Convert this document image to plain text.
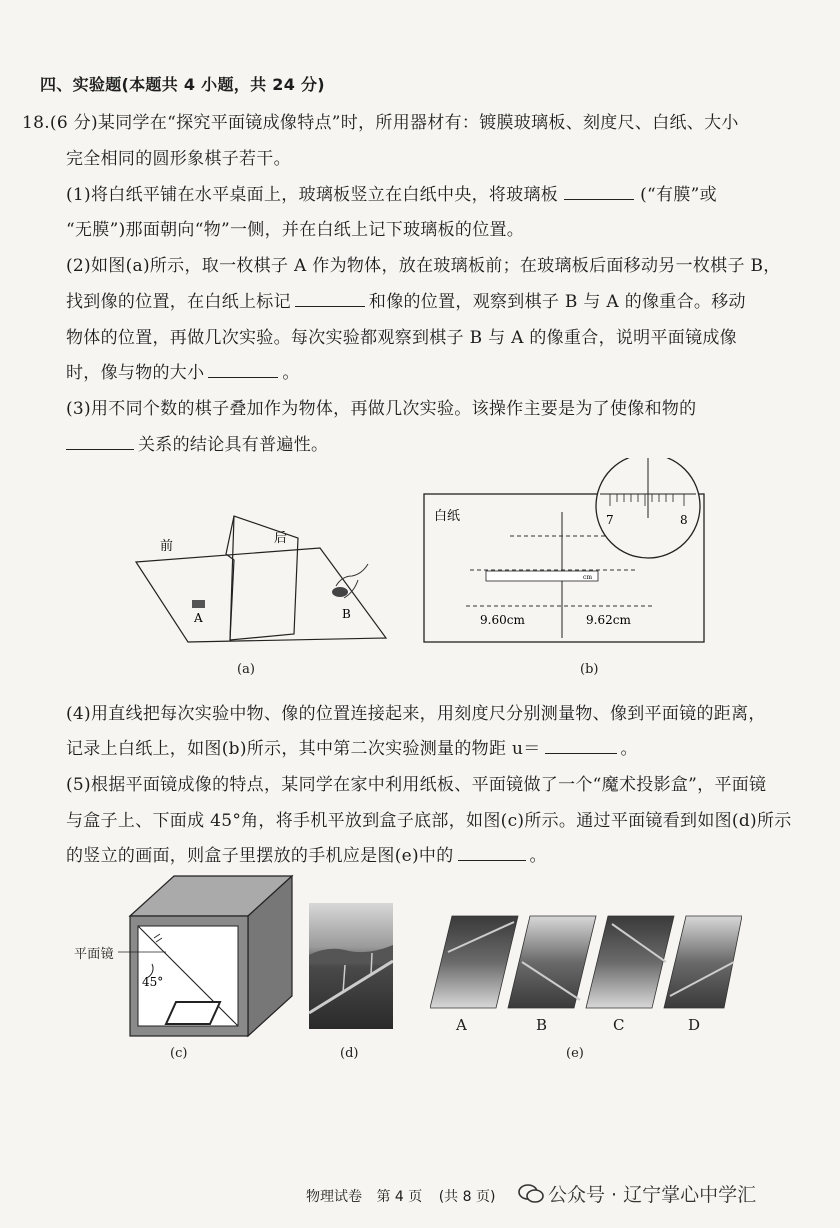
四、实验题(本题共 4 小题，共 24 分)
18.(6 分)某同学在“探究平面镜成像特点”时，所用器材有：镀膜玻璃板、刻度尺、白纸、大小
完全相同的圆形象棋子若干。
(1)将白纸平铺在水平桌面上，玻璃板竖立在白纸中央，将玻璃板	(“有膜”或
“无膜”)那面朝向“物”一侧，并在白纸上记下玻璃板的位置。
(2)如图(a)所示，取一枚棋子 A 作为物体，放在玻璃板前；在玻璃板后面移动另一枚棋子 B，
找到像的位置，在白纸上标记	和像的位置，观察到棋子 B 与 A 的像重合。移动
物体的位置，再做几次实验。每次实验都观察到棋子 B 与 A 的像重合，说明平面镜成像
时，像与物的大小	。
(3)用不同个数的棋子叠加作为物体，再做几次实验。该操作主要是为了使像和物的
关系的结论具有普遍性。
前
后
A	B
(a)
白纸
cm
9.60cm	9.62cm
7	8
(b)
(4)用直线把每次实验中物、像的位置连接起来，用刻度尺分别测量物、像到平面镜的距离，
记录上白纸上，如图(b)所示，其中第二次实验测量的物距 u＝	。
(5)根据平面镜成像的特点，某同学在家中利用纸板、平面镜做了一个“魔术投影盒”，平面镜
与盒子上、下面成 45°角，将手机平放到盒子底部，如图(c)所示。通过平面镜看到如图(d)所示
的竖立的画面，则盒子里摆放的手机应是图(e)中的	。
45°
平面镜
(c)	(d)
A	B	C	D
(e)
物理试卷 第 4 页 (共 8 页)	公众号 · 辽宁掌心中学汇
